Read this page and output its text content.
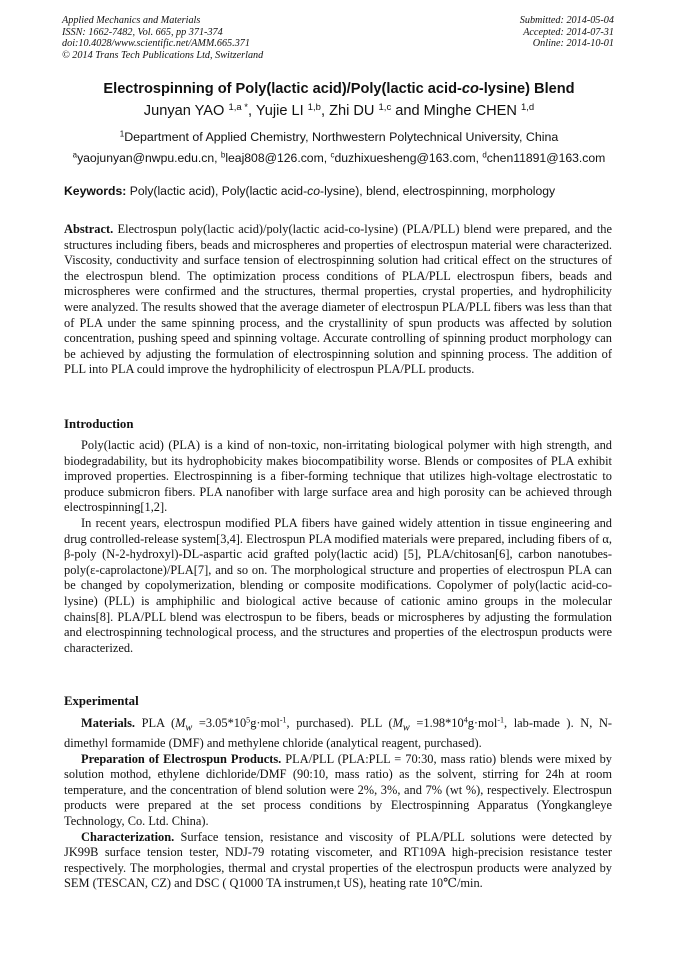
Applied Mechanics and Materials
ISSN: 1662-7482, Vol. 665, pp 371-374
doi:10.4028/www.scientific.net/AMM.665.371
© 2014 Trans Tech Publications Ltd, Switzerland
Submitted: 2014-05-04
Accepted: 2014-07-31
Online: 2014-10-01
Electrospinning of Poly(lactic acid)/Poly(lactic acid-co-lysine) Blend
Junyan YAO $^{1,a *}$, Yujie LI $^{1,b}$, Zhi DU $^{1,c}$ and Minghe CHEN $^{1,d}$
$^1$Department of Applied Chemistry, Northwestern Polytechnical University, China
$^a$yaojunyan@nwpu.edu.cn, $^b$leaj808@126.com, $^c$duzhixuesheng@163.com, $^d$chen11891@163.com
Keywords: Poly(lactic acid), Poly(lactic acid-co-lysine), blend, electrospinning, morphology

Abstract. Electrospun poly(lactic acid)/poly(lactic acid-co-lysine) (PLA/PLL) blend were prepared, and the structures including fibers, beads and microspheres and properties of electrospun material were characterized. Viscosity, conductivity and surface tension of electrospinning solution had critical effect on the structures of the electrospun blend. The optimization process conditions of PLA/PLL electrospun fibers, beads and microspheres were confirmed and the structures, thermal properties, crystal properties, and hydrophilicity were analyzed. The results showed that the average diameter of electrospun PLA/PLL fibers was less than that of PLA under the same spinning process, and the crystallinity of spun products was affected by solution concentration, pushing speed and spinning voltage. Accurate controlling of spinning product morphology can be achieved by adjusting the formulation of electrospinning solution and spinning process. The addition of PLL into PLA could improve the hydrophilicity of electrospun PLA/PLL products.

Introduction

Poly(lactic acid) (PLA) is a kind of non-toxic, non-irritating biological polymer with high strength, and biodegradability, but its hydrophobicity makes biocompatibility worse. Blends or composites of PLA exhibit improved properties. Electrospinning is a fiber-forming technique that utilizes high-voltage electrostatic to produce submicron fibers. PLA nanofiber with large surface area and high porosity can be achieved through electrospinning[1,2].

In recent years, electrospun modified PLA fibers have gained widely attention in tissue engineering and drug controlled-release system[3,4]. Electrospun PLA modified materials were prepared, including fibers of α, β-poly (N-2-hydroxyl)-DL-aspartic acid grafted poly(lactic acid) [5], PLA/chitosan[6], carbon nanotubes-poly(ε-caprolactone)/PLA[7], and so on. The morphological structure and properties of electrospun PLA can be changed by copolymerization, blending or composite modifications. Copolymer of poly(lactic acid-co-lysine) (PLL) is amphiphilic and biological active because of cationic amino groups in the molecular chains[8]. PLA/PLL blend was electrospun to be fibers, beads or microspheres by adjusting the formulation and electrospinning technological process, and the structures and properties of the electrospun products were characterized.

Experimental

Materials. PLA ($M_w =3.05*10^5g\cdot mol^{-1}$, purchased). PLL ($M_w =1.98*10^4g\cdot mol^{-1}$, lab-made ). N, N- dimethyl formamide (DMF) and methylene chloride (analytical reagent, purchased).

Preparation of Electrospun Products. PLA/PLL (PLA:PLL = 70:30, mass ratio) blends were mixed by solution mothod, ethylene dichloride/DMF (90:10, mass ratio) as the solvent, stirring for 24h at room temperature, and the concentration of blend solution were 2%, 3%, and 7% (wt %), respectively. Electrospun products were prepared at the set process conditions by Electrospinning Apparatus (Yongkangleye Technology, Co. Ltd. China).

Characterization. Surface tension, resistance and viscosity of PLA/PLL solutions were detected by JK99B surface tension tester, NDJ-79 rotating viscometer, and RT109A high-precision resistance tester respectively. The morphologies, thermal and crystal properties of the electrospun products were analyzed by SEM (TESCAN, CZ) and DSC ( Q1000 TA instrumen,t US), heating rate 10℃/min.
